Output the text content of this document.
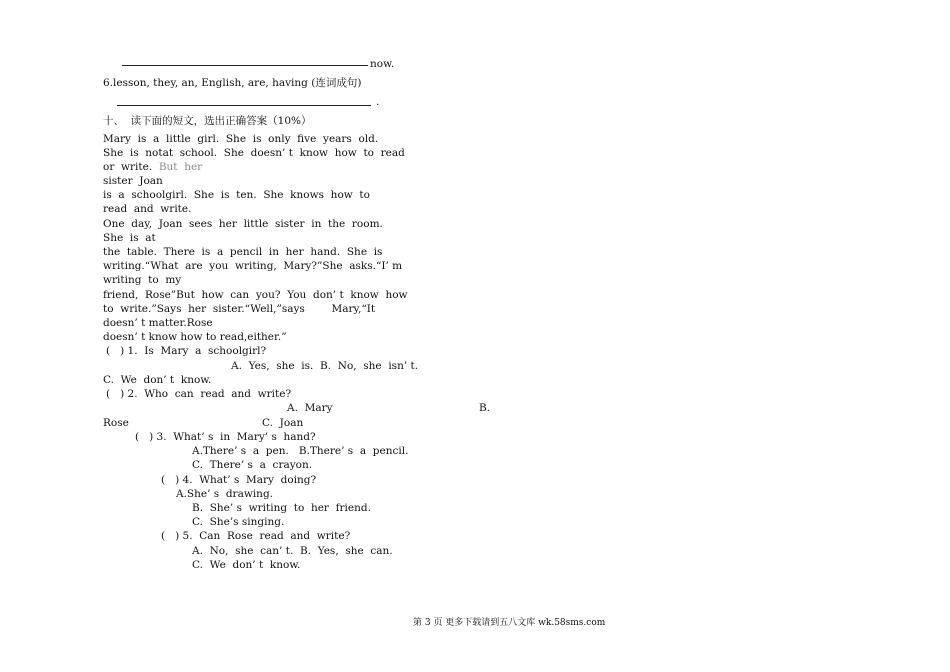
now.
6.lesson, they, an, English, are, having (连词成句)
.
十、  读下面的短文，选出正确答案（10%）
Mary  is  a  little  girl.  She  is  only  five  years  old.
She  is  notat  school.  She  doesn’ t  know  how  to  read
or  write.  But  her
sister  Joan
is  a  schoolgirl.  She  is  ten.  She  knows  how  to
read  and  write.
One  day,  Joan  sees  her  little  sister  in  the  room.
She  is  at
the  table.  There  is  a  pencil  in  her  hand.  She  is
writing.“What  are  you  writing,  Mary?”She  asks.“I’ m
writing  to  my
friend,  Rose”But  how  can  you?  You  don’ t  know  how
to  write.”Says  her  sister.“Well,”says        Mary,“It
doesn’ t matter.Rose
doesn’ t know how to read,either.”
(   ) 1.  Is  Mary  a  schoolgirl?
A.  Yes,  she  is.  B.  No,  she  isn’ t.
C.  We  don’ t  know.
(   ) 2.  Who  can  read  and  write?
A.  Mary	B.
Rose	C.  Joan
(   ) 3.  What’ s  in  Mary’ s  hand?
A.There’ s  a  pen.   B.There’ s  a  pencil.
C.  There’ s  a  crayon.
(   ) 4.  What’ s  Mary  doing?
A.She’ s  drawing.
B.  She’ s  writing  to  her  friend.
C.  She’s singing.
(   ) 5.  Can  Rose  read  and  write?
A.  No,  she  can’ t.  B.  Yes,  she  can.
C.  We  don’ t  know.
第 3 页 更多下载请到五八文库 wk.58sms.com
